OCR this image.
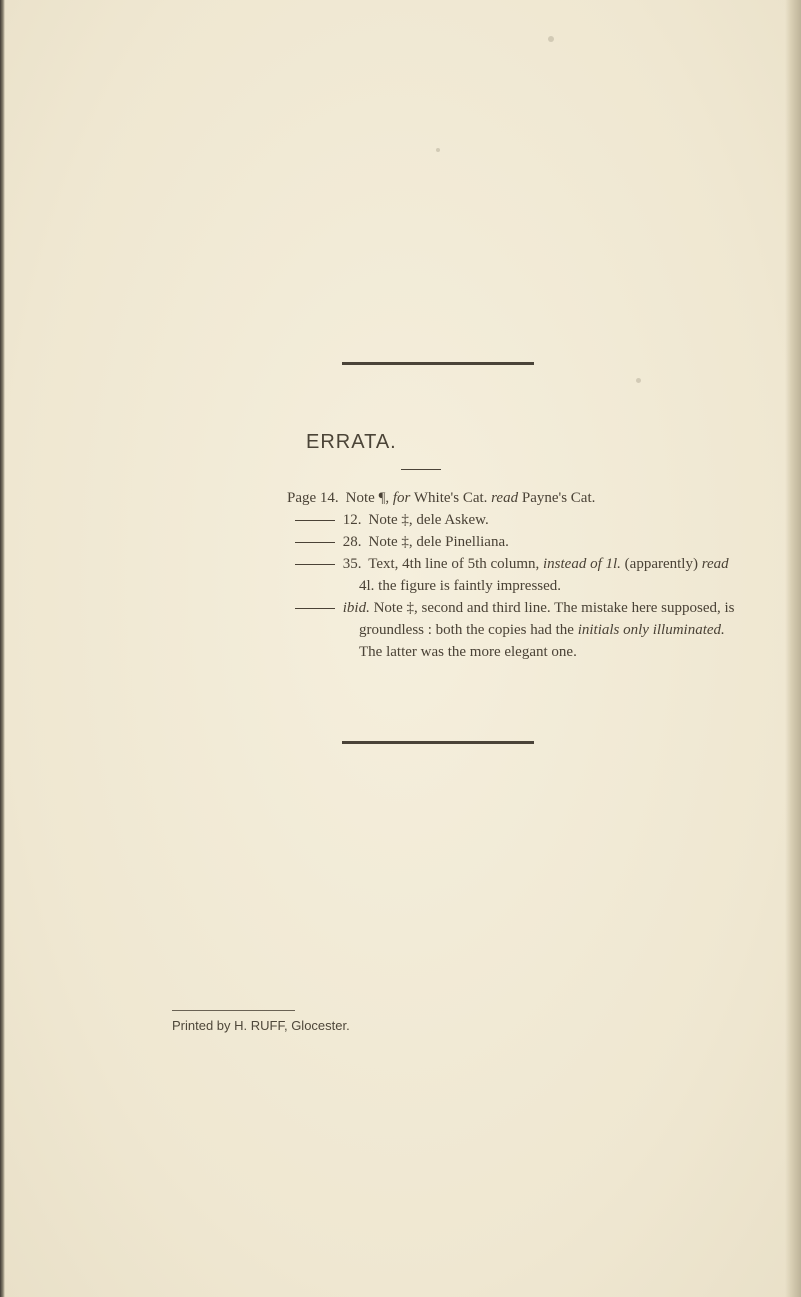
ERRATA.
Page 14. Note ¶, for White's Cat. read Payne's Cat.
12. Note ‡, dele Askew.
28. Note ‡, dele Pinelliana.
35. Text, 4th line of 5th column, instead of 1l. (apparently) read
4l. the figure is faintly impressed.
ibid. Note ‡, second and third line. The mistake here supposed, is
groundless : both the copies had the initials only illuminated.
The latter was the more elegant one.
Printed by H. RUFF, Glocester.
